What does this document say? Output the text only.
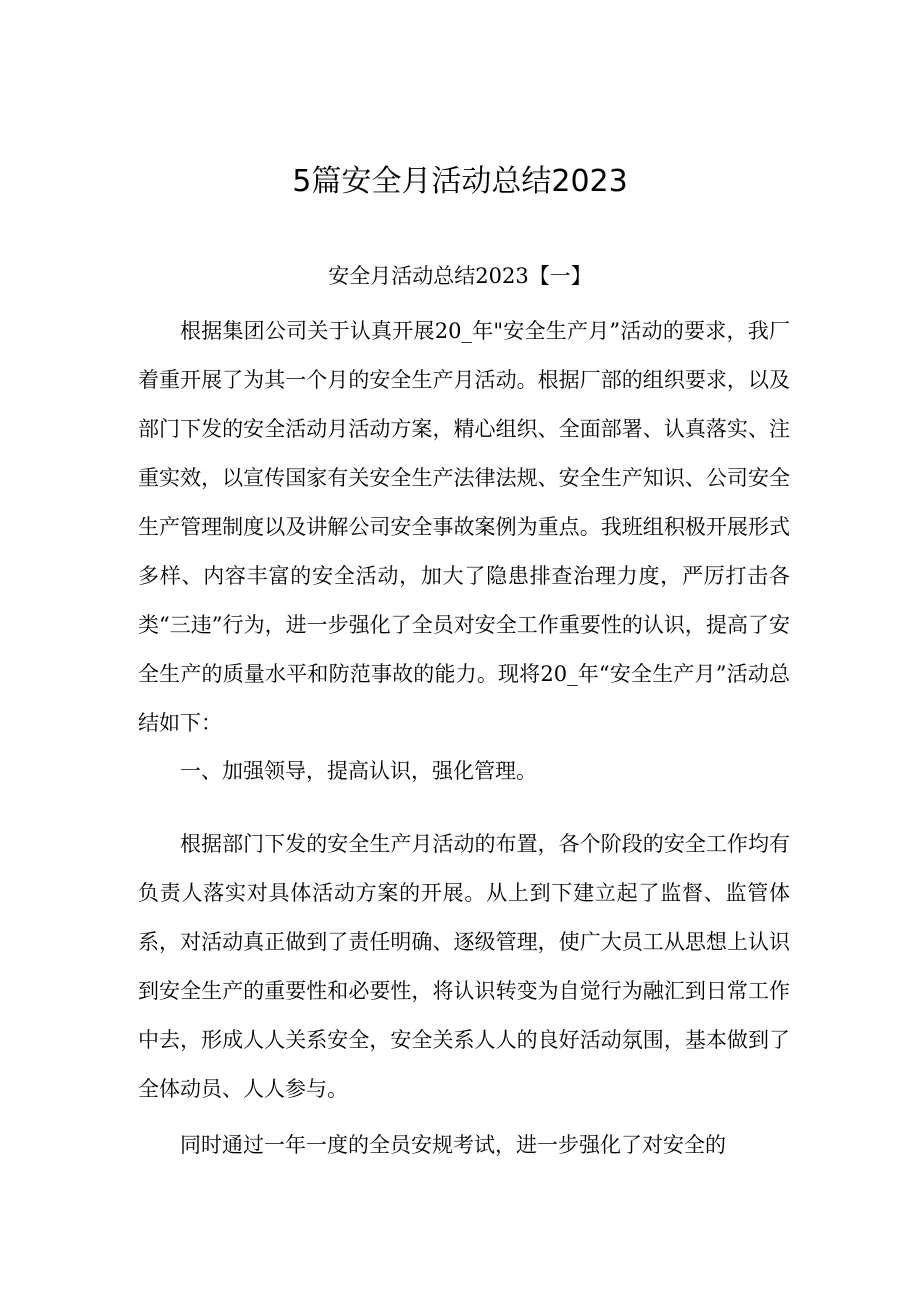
5篇安全月活动总结2023
安全月活动总结2023【一】

根据集团公司关于认真开展20_年"安全生产月”活动的要求，我厂着重开展了为其一个月的安全生产月活动。根据厂部的组织要求，以及部门下发的安全活动月活动方案，精心组织、全面部署、认真落实、注重实效，以宣传国家有关安全生产法律法规、安全生产知识、公司安全生产管理制度以及讲解公司安全事故案例为重点。我班组积极开展形式多样、内容丰富的安全活动，加大了隐患排查治理力度，严厉打击各类“三违”行为，进一步强化了全员对安全工作重要性的认识，提高了安全生产的质量水平和防范事故的能力。现将20_年“安全生产月”活动总结如下：

一、加强领导，提高认识，强化管理。

根据部门下发的安全生产月活动的布置，各个阶段的安全工作均有负责人落实对具体活动方案的开展。从上到下建立起了监督、监管体系，对活动真正做到了责任明确、逐级管理，使广大员工从思想上认识到安全生产的重要性和必要性，将认识转变为自觉行为融汇到日常工作中去，形成人人关系安全，安全关系人人的良好活动氛围，基本做到了全体动员、人人参与。

同时通过一年一度的全员安规考试，进一步强化了对安全的
